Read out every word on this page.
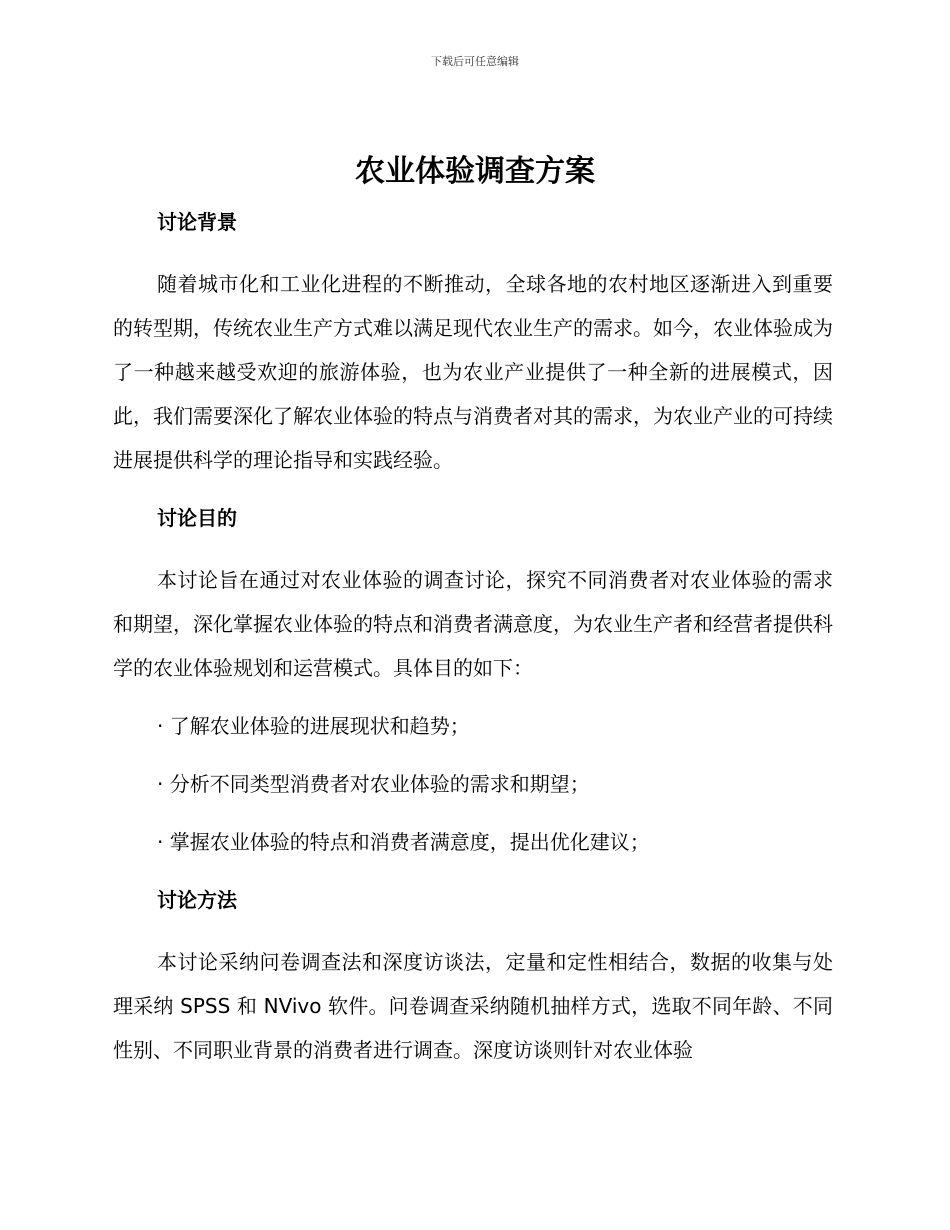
下载后可任意编辑
农业体验调查方案
讨论背景

随着城市化和工业化进程的不断推动，全球各地的农村地区逐渐进入到重要的转型期，传统农业生产方式难以满足现代农业生产的需求。如今，农业体验成为了一种越来越受欢迎的旅游体验，也为农业产业提供了一种全新的进展模式，因此，我们需要深化了解农业体验的特点与消费者对其的需求，为农业产业的可持续进展提供科学的理论指导和实践经验。

讨论目的

本讨论旨在通过对农业体验的调查讨论，探究不同消费者对农业体验的需求和期望，深化掌握农业体验的特点和消费者满意度，为农业生产者和经营者提供科学的农业体验规划和运营模式。具体目的如下：

· 了解农业体验的进展现状和趋势；

· 分析不同类型消费者对农业体验的需求和期望；

· 掌握农业体验的特点和消费者满意度，提出优化建议；

讨论方法

本讨论采纳问卷调查法和深度访谈法，定量和定性相结合，数据的收集与处理采纳 SPSS 和 NVivo 软件。问卷调查采纳随机抽样方式，选取不同年龄、不同性别、不同职业背景的消费者进行调查。深度访谈则针对农业体验
